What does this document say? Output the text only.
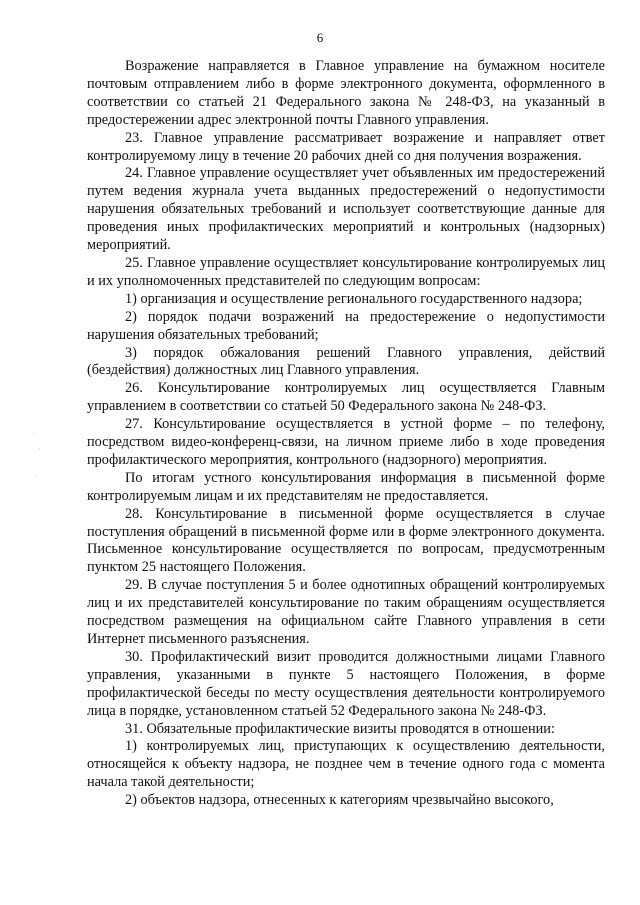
6
·
·
·

Возражение направляется в Главное управление на бумажном носителе почтовым отправлением либо в форме электронного документа, оформленного в соответствии со статьей 21 Федерального закона № 248-ФЗ, на указанный в предостережении адрес электронной почты Главного управления.

23. Главное управление рассматривает возражение и направляет ответ контролируемому лицу в течение 20 рабочих дней со дня получения возражения.

24. Главное управление осуществляет учет объявленных им предостережений путем ведения журнала учета выданных предостережений о недопустимости нарушения обязательных требований и использует соответствующие данные для проведения иных профилактических мероприятий и контрольных (надзорных) мероприятий.

25. Главное управление осуществляет консультирование контролируемых лиц и их уполномоченных представителей по следующим вопросам:

1) организация и осуществление регионального государственного надзора;

2) порядок подачи возражений на предостережение о недопустимости нарушения обязательных требований;

3) порядок обжалования решений Главного управления, действий (бездействия) должностных лиц Главного управления.

26. Консультирование контролируемых лиц осуществляется Главным управлением в соответствии со статьей 50 Федерального закона № 248-ФЗ.

27. Консультирование осуществляется в устной форме – по телефону, посредством видео-конференц-связи, на личном приеме либо в ходе проведения профилактического мероприятия, контрольного (надзорного) мероприятия.

По итогам устного консультирования информация в письменной форме контролируемым лицам и их представителям не предоставляется.

28. Консультирование в письменной форме осуществляется в случае поступления обращений в письменной форме или в форме электронного документа. Письменное консультирование осуществляется по вопросам, предусмотренным пунктом 25 настоящего Положения.

29. В случае поступления 5 и более однотипных обращений контролируемых лиц и их представителей консультирование по таким обращениям осуществляется посредством размещения на официальном сайте Главного управления в сети Интернет письменного разъяснения.

30. Профилактический визит проводится должностными лицами Главного управления, указанными в пункте 5 настоящего Положения, в форме профилактической беседы по месту осуществления деятельности контролируемого лица в порядке, установленном статьей 52 Федерального закона № 248-ФЗ.

31. Обязательные профилактические визиты проводятся в отношении:

1) контролируемых лиц, приступающих к осуществлению деятельности, относящейся к объекту надзора, не позднее чем в течение одного года с момента начала такой деятельности;

2) объектов надзора, отнесенных к категориям чрезвычайно высокого,
